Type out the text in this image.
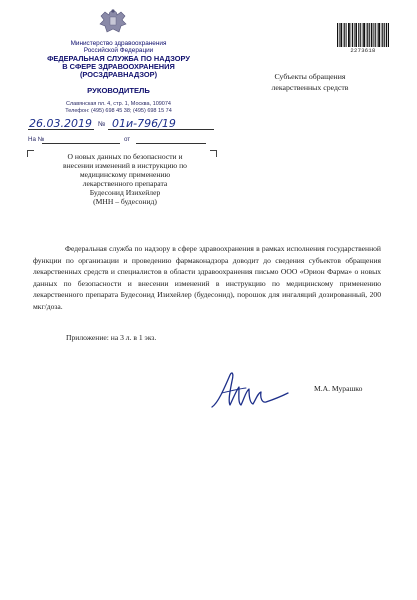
Министерство здравоохранения
Российской Федерации
ФЕДЕРАЛЬНАЯ СЛУЖБА ПО НАДЗОРУ
В СФЕРЕ ЗДРАВООХРАНЕНИЯ
(РОСЗДРАВНАДЗОР)
РУКОВОДИТЕЛЬ
Славянская пл. 4, стр. 1, Москва, 109074
Телефон: (495) 698 45 38; (495) 698 15 74
26.03.2019 № 01и-796/19
На №	от
О новых данных по безопасности и
внесении изменений в инструкцию по
медицинскому применению
лекарственного препарата
Будесонид Изихейлер
(МНН – будесонид)
2273618
Субъекты обращения
лекарственных средств
Федеральная служба по надзору в сфере здравоохранения в рамках исполнения государственной функции по организации и проведению фармаконадзора доводит до сведения субъектов обращения лекарственных средств и специалистов в области здравоохранения письмо ООО «Орион Фарма» о новых данных по безопасности и внесении изменений в инструкцию по медицинскому применению лекарственного препарата Будесонид Изихейлер (будесонид), порошок для ингаляций дозированный, 200 мкг/доза.
Приложение: на 3 л. в 1 экз.
М.А. Мурашко
